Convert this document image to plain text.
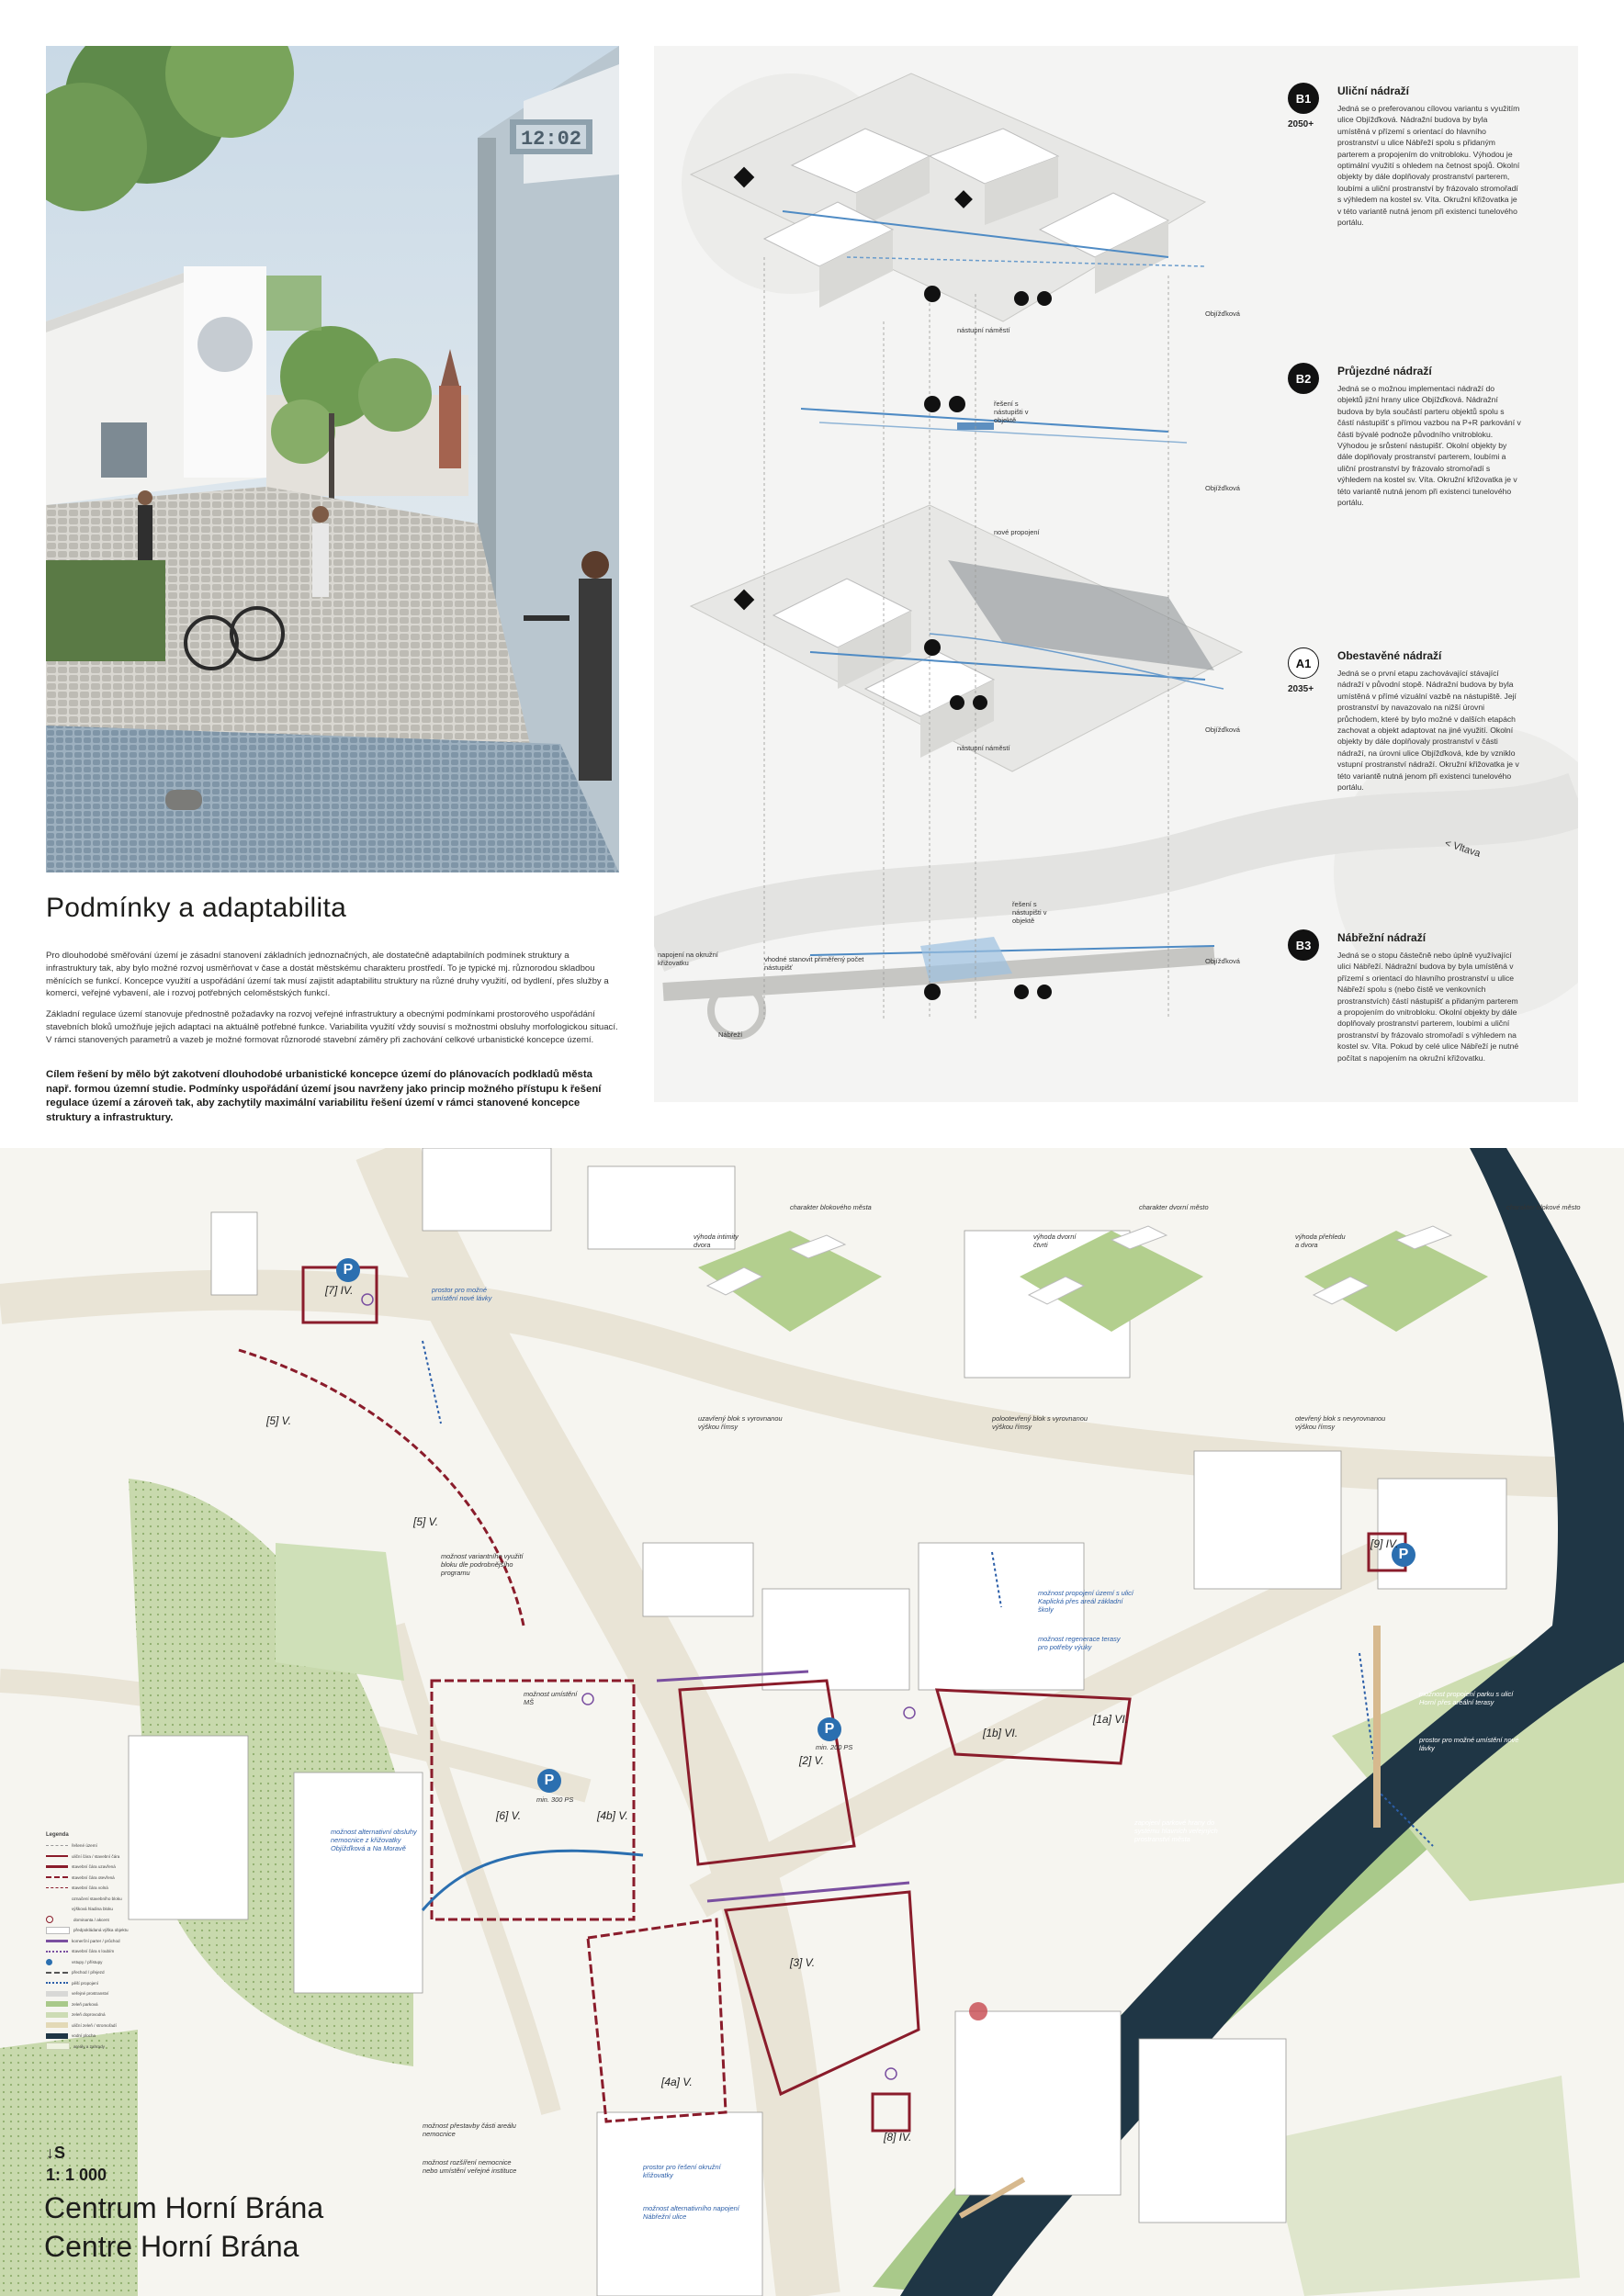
12:02
Podmínky a adaptabilita
Pro dlouhodobé směřování území je zásadní stanovení základních jednoznačných, ale dostatečně adaptabilních podmínek struktury a infrastruktury tak, aby bylo možné rozvoj usměrňovat v čase a dostát městskému charakteru prostředí. To je typické mj. různorodou skladbou měnících se funkcí. Koncepce využití a uspořádání území tak musí zajistit adaptabilitu struktury na různé druhy využití, od bydlení, přes služby a komerci, veřejné vybavení, ale i rozvoj potřebných celoměstských funkcí.
Základní regulace území stanovuje přednostně požadavky na rozvoj veřejné infrastruktury a obecnými podmínkami prostorového uspořádání stavebních bloků umožňuje jejich adaptaci na aktuálně potřebné funkce. Variabilita využití vždy souvisí s možnostmi obsluhy morfologickou situací. V rámci stanovených parametrů a vazeb je možné formovat různorodé stavební záměry při zachování celkové urbanistické koncepce území.
Cílem řešení by mělo být zakotvení dlouhodobé urbanistické koncepce území do plánovacích podkladů města např. formou územní studie. Podmínky uspořádání území jsou navrženy jako princip možného přístupu k řešení regulace území a zároveň tak, aby zachytily maximální variabilitu řešení území v rámci stanovené koncepce struktury a infrastruktury.
Objížďková
nástupní náměstí
řešení s nástupišti v objektě
Objížďková
nové propojení
Objížďková
nástupní náměstí
< Vltava
řešení s nástupišti v objektě
Objížďková
napojení na okružní křižovatku	vhodné stanovit přiměřený počet nástupišť
Nábřeží
B1
2050+
Uliční nádraží
Jedná se o preferovanou cílovou variantu s využitím ulice Objížďková. Nádražní budova by byla umístěná v přízemí s orientací do hlavního prostranství u ulice Nábřeží spolu s přidaným parterem a propojením do vnitrobloku. Výhodou je optimální využití s ohledem na četnost spojů. Okolní objekty by dále doplňovaly prostranství parterem, loubími a uliční prostranství by frázovalo stromořadí s výhledem na kostel sv. Víta. Okružní křižovatka je v této variantě nutná jenom při existenci tunelového portálu.
B2
Průjezdné nádraží
Jedná se o možnou implementaci nádraží do objektů jižní hrany ulice Objížďková. Nádražní budova by byla součástí parteru objektů spolu s částí nástupišť s přímou vazbou na P+R parkování v části bývalé podnože původního vnitrobloku. Výhodou je srůstení nástupišť. Okolní objekty by dále doplňovaly prostranství parterem, loubími a uliční prostranství by frázovalo stromořadí s výhledem na kostel sv. Víta. Okružní křižovatka je v této variantě nutná jenom při existenci tunelového portálu.
A1
2035+
Obestavěné nádraží
Jedná se o první etapu zachovávající stávající nádraží v původní stopě. Nádražní budova by byla umístěná v přímé vizuální vazbě na nástupiště. Její prostranství by navazovalo na nižší úrovni průchodem, které by bylo možné v dalších etapách zachovat a objekt adaptovat na jiné využití. Okolní objekty by dále doplňovaly prostranství v části nádraží, na úrovni ulice Objížďková, kde by vzniklo vstupní prostranství nádraží. Okružní křižovatka je v této variantě nutná jenom při existenci tunelového portálu.
B3
Nábřežní nádraží
Jedná se o stopu částečně nebo úplně využívající ulici Nábřeží. Nádražní budova by byla umístěná v přízemí s orientací do hlavního prostranství u ulice Nábřeží spolu s (nebo čistě ve venkovních prostranstvích) částí nástupišť a přidaným parterem a propojením do vnitrobloku. Okolní objekty by dále doplňovaly prostranství parterem, loubími a uliční prostranství by frázovalo stromořadí s výhledem na kostel sv. Víta. Pokud by celé ulice Nábřeží je nutné počítat s napojením na okružní křižovatku.
P
P
P
P
[7] IV.
[5] V.
[5] V.
[6] V.	[4b] V.
[2] V.
[3] V.
[4a] V.
[1b] VI.
[1a] VI.
[8] IV.
[9] IV.
charakter blokového města	charakter dvorní město	charakter blokové město
výhoda intimity dvora
výhoda dvorní čtvrti
výhoda přehledu a dvora
uzavřený blok s vyrovnanou výškou římsy
polootevřený blok s vyrovnanou výškou římsy
otevřený blok s nevyrovnanou výškou římsy
prostor pro možné umístění nové lávky
možnost propojení území s ulicí Kaplická přes areál základní školy
možnost regenerace terasy pro potřeby výuky
možnost propojení parku s ulicí Horní přes areální terasy
prostor pro možné umístění nové lávky
zapojení parkové hrany do systému hlavních veřejných prostranství města
možnost alternativní obsluhy nemocnice z křižovatky Objížďková a Na Moravě
možnost variantního využití bloku dle podrobnějšího programu
možnost umístění MŠ
min. 300 PS
min. 200 PS
možnost přestavby části areálu nemocnice
možnost rozšíření nemocnice nebo umístění veřejné instituce	prostor pro řešení okružní křižovatky
možnost alternativního napojení Nábřežní ulice
Legenda
řešené území
uliční čára / stavební čára
stavební čára uzavřená
stavební čára otevřená
stavební čára volná
označení stavebního bloku
výšková hladina bloku
dominanta / akcent
předpokládaná výška objektu
komerční parter / průchod
stavební čára s loubím
vstupy / přístupy
přechod / přejezd
pěší propojení
veřejné prostranství
zeleň parková
zeleň doprovodná
uliční zeleň / stromořadí
vodní plocha
areály a zahrady
↓S
1: 1 000
Centrum Horní Brána
Centre Horní Brána
